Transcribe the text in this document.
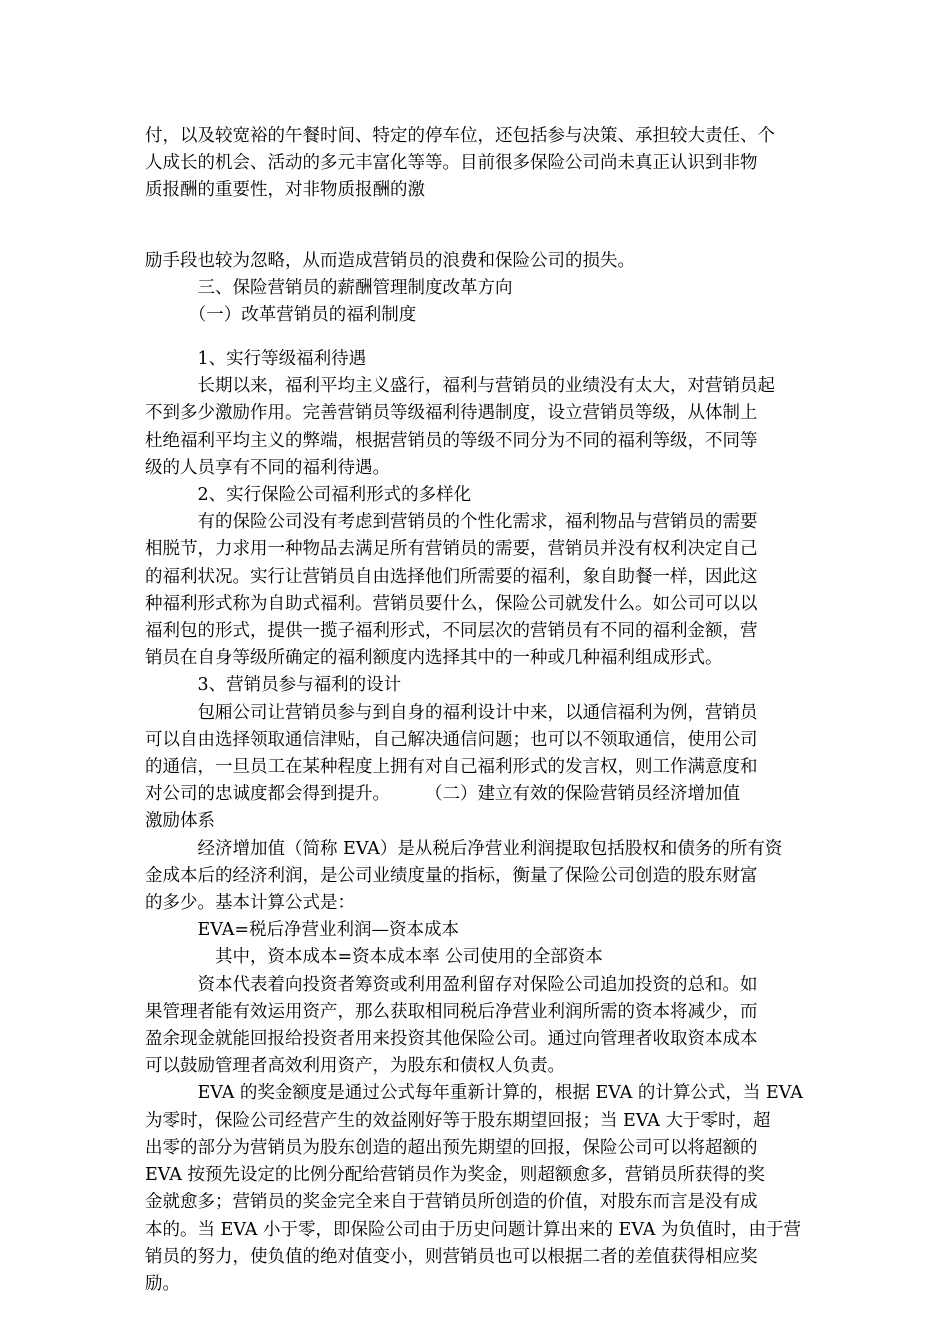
付，以及较宽裕的午餐时间、特定的停车位，还包括参与决策、承担较大责任、个
人成长的机会、活动的多元丰富化等等。目前很多保险公司尚未真正认识到非物
质报酬的重要性，对非物质报酬的激
励手段也较为忽略，从而造成营销员的浪费和保险公司的损失。
　　　三、保险营销员的薪酬管理制度改革方向
　　　（一）改革营销员的福利制度
　　　1、实行等级福利待遇
　　　长期以来，福利平均主义盛行，福利与营销员的业绩没有太大，对营销员起
不到多少激励作用。完善营销员等级福利待遇制度，设立营销员等级，从体制上
杜绝福利平均主义的弊端，根据营销员的等级不同分为不同的福利等级，不同等
级的人员享有不同的福利待遇。
　　　2、实行保险公司福利形式的多样化
　　　有的保险公司没有考虑到营销员的个性化需求，福利物品与营销员的需要
相脱节，力求用一种物品去满足所有营销员的需要，营销员并没有权利决定自己
的福利状况。实行让营销员自由选择他们所需要的福利，象自助餐一样，因此这
种福利形式称为自助式福利。营销员要什么，保险公司就发什么。如公司可以以
福利包的形式，提供一揽子福利形式，不同层次的营销员有不同的福利金额，营
销员在自身等级所确定的福利额度内选择其中的一种或几种福利组成形式。
　　　3、营销员参与福利的设计
　　　包厢公司让营销员参与到自身的福利设计中来，以通信福利为例，营销员
可以自由选择领取通信津贴，自己解决通信问题；也可以不领取通信，使用公司
的通信，一旦员工在某种程度上拥有对自己福利形式的发言权，则工作满意度和
对公司的忠诚度都会得到提升。　　　（二）建立有效的保险营销员经济增加值
激励体系
　　　经济增加值（简称 EVA）是从税后净营业利润提取包括股权和债务的所有资
金成本后的经济利润，是公司业绩度量的指标，衡量了保险公司创造的股东财富
的多少。基本计算公式是：
　　　EVA=税后净营业利润—资本成本
　　　　其中，资本成本=资本成本率 公司使用的全部资本
　　　资本代表着向投资者筹资或利用盈利留存对保险公司追加投资的总和。如
果管理者能有效运用资产，那么获取相同税后净营业利润所需的资本将减少，而
盈余现金就能回报给投资者用来投资其他保险公司。通过向管理者收取资本成本
可以鼓励管理者高效利用资产，为股东和债权人负责。
　　　EVA 的奖金额度是通过公式每年重新计算的，根据 EVA 的计算公式，当 EVA
为零时，保险公司经营产生的效益刚好等于股东期望回报；当 EVA 大于零时，超
出零的部分为营销员为股东创造的超出预先期望的回报，保险公司可以将超额的
EVA 按预先设定的比例分配给营销员作为奖金，则超额愈多，营销员所获得的奖
金就愈多；营销员的奖金完全来自于营销员所创造的价值，对股东而言是没有成
本的。当 EVA 小于零，即保险公司由于历史问题计算出来的 EVA 为负值时，由于营
销员的努力，使负值的绝对值变小，则营销员也可以根据二者的差值获得相应奖
励。
